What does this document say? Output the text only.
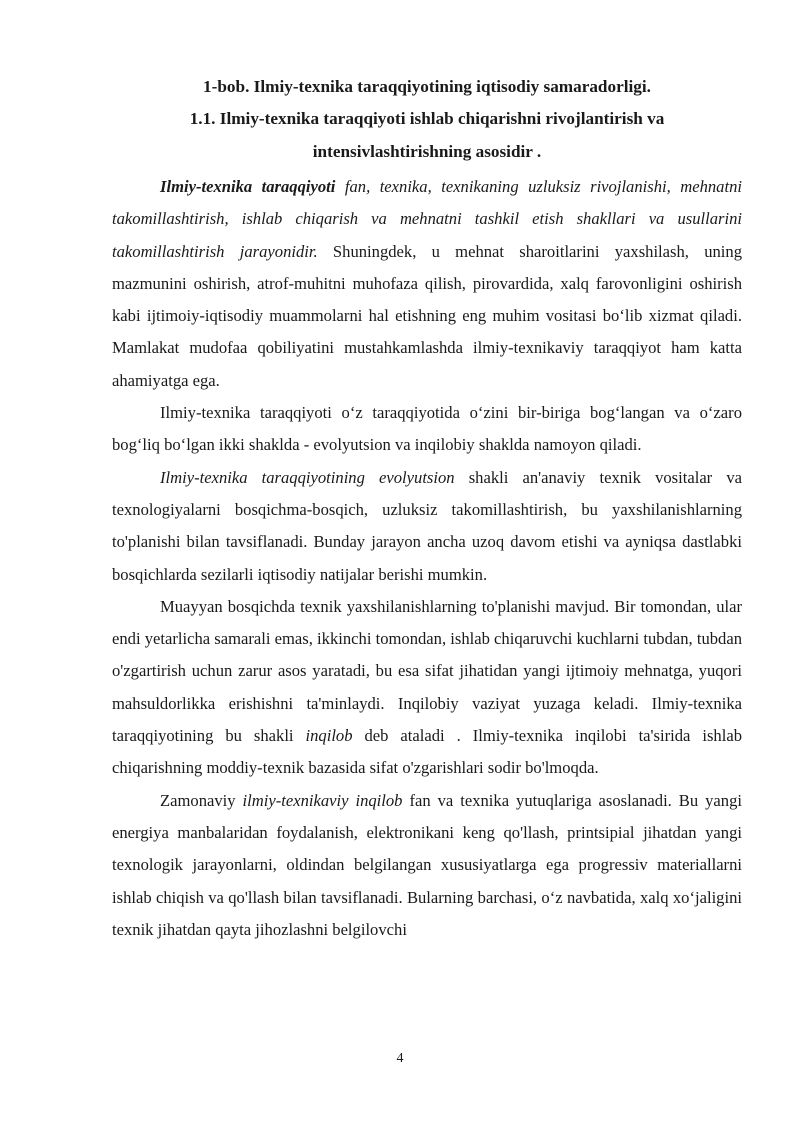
1-bob. Ilmiy-texnika taraqqiyotining iqtisodiy samaradorligi.
1.1. Ilmiy-texnika taraqqiyoti ishlab chiqarishni rivojlantirish va
intensivlashtirishning asosidir .

Ilmiy-texnika taraqqiyoti fan, texnika, texnikaning uzluksiz rivojlanishi, mehnatni takomillashtirish, ishlab chiqarish va mehnatni tashkil etish shakllari va usullarini takomillashtirish jarayonidir. Shuningdek, u mehnat sharoitlarini yaxshilash, uning mazmunini oshirish, atrof-muhitni muhofaza qilish, pirovardida, xalq farovonligini oshirish kabi ijtimoiy-iqtisodiy muammolarni hal etishning eng muhim vositasi bo‘lib xizmat qiladi. Mamlakat mudofaa qobiliyatini mustahkamlashda ilmiy-texnikaviy taraqqiyot ham katta ahamiyatga ega.

Ilmiy-texnika taraqqiyoti o‘z taraqqiyotida o‘zini bir-biriga bog‘langan va o‘zaro bog‘liq bo‘lgan ikki shaklda - evolyutsion va inqilobiy shaklda namoyon qiladi.

Ilmiy-texnika taraqqiyotining evolyutsion shakli an'anaviy texnik vositalar va texnologiyalarni bosqichma-bosqich, uzluksiz takomillashtirish, bu yaxshilanishlarning to'planishi bilan tavsiflanadi. Bunday jarayon ancha uzoq davom etishi va ayniqsa dastlabki bosqichlarda sezilarli iqtisodiy natijalar berishi mumkin.

Muayyan bosqichda texnik yaxshilanishlarning to'planishi mavjud. Bir tomondan, ular endi yetarlicha samarali emas, ikkinchi tomondan, ishlab chiqaruvchi kuchlarni tubdan, tubdan o'zgartirish uchun zarur asos yaratadi, bu esa sifat jihatidan yangi ijtimoiy mehnatga, yuqori mahsuldorlikka erishishni ta'minlaydi. Inqilobiy vaziyat yuzaga keladi. Ilmiy-texnika taraqqiyotining bu shakli inqilob deb ataladi . Ilmiy-texnika inqilobi ta'sirida ishlab chiqarishning moddiy-texnik bazasida sifat o'zgarishlari sodir bo'lmoqda.

Zamonaviy ilmiy-texnikaviy inqilob fan va texnika yutuqlariga asoslanadi. Bu yangi energiya manbalaridan foydalanish, elektronikani keng qo'llash, printsipial jihatdan yangi texnologik jarayonlarni, oldindan belgilangan xususiyatlarga ega progressiv materiallarni ishlab chiqish va qo'llash bilan tavsiflanadi. Bularning barchasi, o‘z navbatida, xalq xo‘jaligini texnik jihatdan qayta jihozlashni belgilovchi

4
